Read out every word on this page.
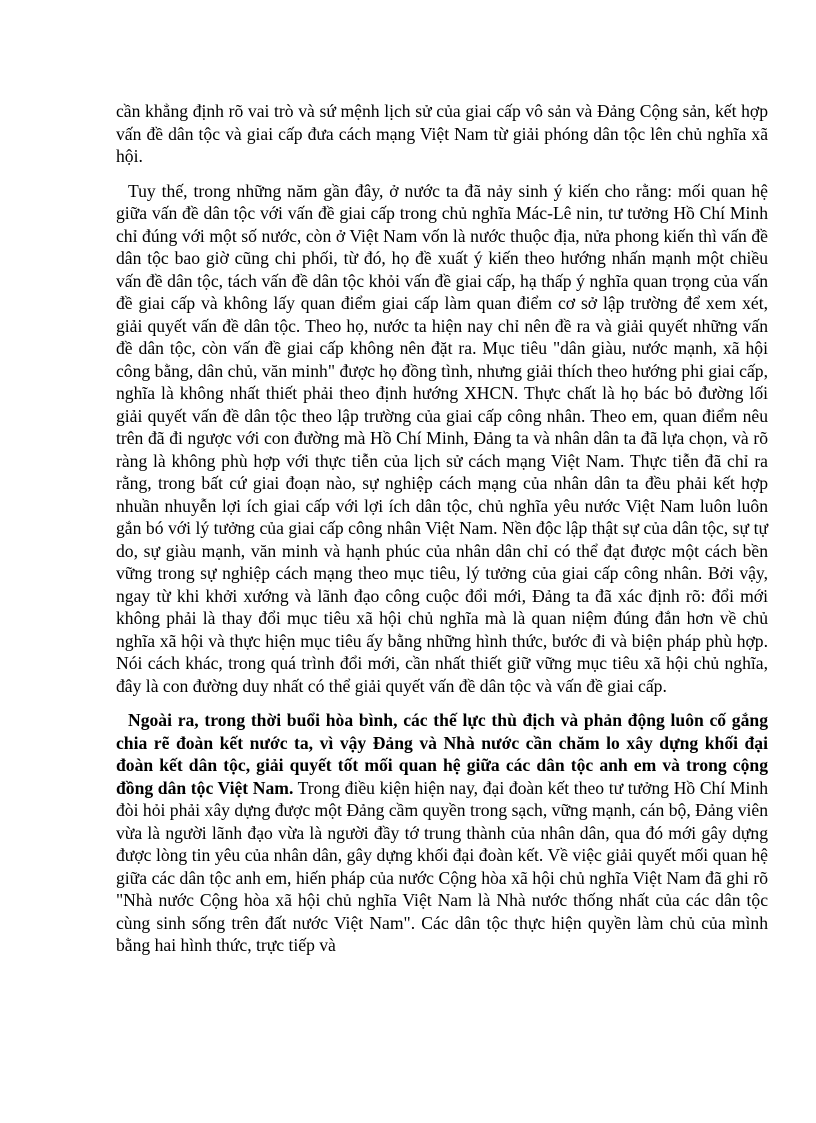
cần khẳng định rõ vai trò và sứ mệnh lịch sử của giai cấp vô sản và Đảng Cộng sản, kết hợp vấn đề dân tộc và giai cấp đưa cách mạng Việt Nam từ giải phóng dân tộc lên chủ nghĩa xã hội.

Tuy thế, trong những năm gần đây, ở nước ta đã nảy sinh ý kiến cho rằng: mối quan hệ giữa vấn đề dân tộc với vấn đề giai cấp trong chủ nghĩa Mác-Lê nin, tư tưởng Hồ Chí Minh chỉ đúng với một số nước, còn ở Việt Nam vốn là nước thuộc địa, nửa phong kiến thì vấn đề dân tộc bao giờ cũng chi phối, từ đó, họ đề xuất ý kiến theo hướng nhấn mạnh một chiều vấn đề dân tộc, tách vấn đề dân tộc khỏi vấn đề giai cấp, hạ thấp ý nghĩa quan trọng của vấn đề giai cấp và không lấy quan điểm giai cấp làm quan điểm cơ sở lập trường để xem xét, giải quyết vấn đề dân tộc. Theo họ, nước ta hiện nay chỉ nên đề ra và giải quyết những vấn đề dân tộc, còn vấn đề giai cấp không nên đặt ra. Mục tiêu "dân giàu, nước mạnh, xã hội công bằng, dân chủ, văn minh" được họ đồng tình, nhưng giải thích theo hướng phi giai cấp, nghĩa là không nhất thiết phải theo định hướng XHCN. Thực chất là họ bác bỏ đường lối giải quyết vấn đề dân tộc theo lập trường của giai cấp công nhân. Theo em, quan điểm nêu trên đã đi ngược với con đường mà Hồ Chí Minh, Đảng ta và nhân dân ta đã lựa chọn, và rõ ràng là không phù hợp với thực tiễn của lịch sử cách mạng Việt Nam. Thực tiễn đã chỉ ra rằng, trong bất cứ giai đoạn nào, sự nghiệp cách mạng của nhân dân ta đều phải kết hợp nhuần nhuyễn lợi ích giai cấp với lợi ích dân tộc, chủ nghĩa yêu nước Việt Nam luôn luôn gắn bó với lý tưởng của giai cấp công nhân Việt Nam. Nền độc lập thật sự của dân tộc, sự tự do, sự giàu mạnh, văn minh và hạnh phúc của nhân dân chỉ có thể đạt được một cách bền vững trong sự nghiệp cách mạng theo mục tiêu, lý tưởng của giai cấp công nhân. Bởi vậy, ngay từ khi khởi xướng và lãnh đạo công cuộc đổi mới, Đảng ta đã xác định rõ: đổi mới không phải là thay đổi mục tiêu xã hội chủ nghĩa mà là quan niệm đúng đắn hơn về chủ nghĩa xã hội và thực hiện mục tiêu ấy bằng những hình thức, bước đi và biện pháp phù hợp. Nói cách khác, trong quá trình đổi mới, cần nhất thiết giữ vững mục tiêu xã hội chủ nghĩa, đây là con đường duy nhất có thể giải quyết vấn đề dân tộc và vấn đề giai cấp.

Ngoài ra, trong thời buổi hòa bình, các thế lực thù địch và phản động luôn cố gắng chia rẽ đoàn kết nước ta, vì vậy Đảng và Nhà nước cần chăm lo xây dựng khối đại đoàn kết dân tộc, giải quyết tốt mối quan hệ giữa các dân tộc anh em và trong cộng đồng dân tộc Việt Nam. Trong điều kiện hiện nay, đại đoàn kết theo tư tưởng Hồ Chí Minh đòi hỏi phải xây dựng được một Đảng cầm quyền trong sạch, vững mạnh, cán bộ, Đảng viên vừa là người lãnh đạo vừa là người đầy tớ trung thành của nhân dân, qua đó mới gây dựng được lòng tin yêu của nhân dân, gây dựng khối đại đoàn kết. Về việc giải quyết mối quan hệ giữa các dân tộc anh em, hiến pháp của nước Cộng hòa xã hội chủ nghĩa Việt Nam đã ghi rõ "Nhà nước Cộng hòa xã hội chủ nghĩa Việt Nam là Nhà nước thống nhất của các dân tộc cùng sinh sống trên đất nước Việt Nam". Các dân tộc thực hiện quyền làm chủ của mình bằng hai hình thức, trực tiếp và
